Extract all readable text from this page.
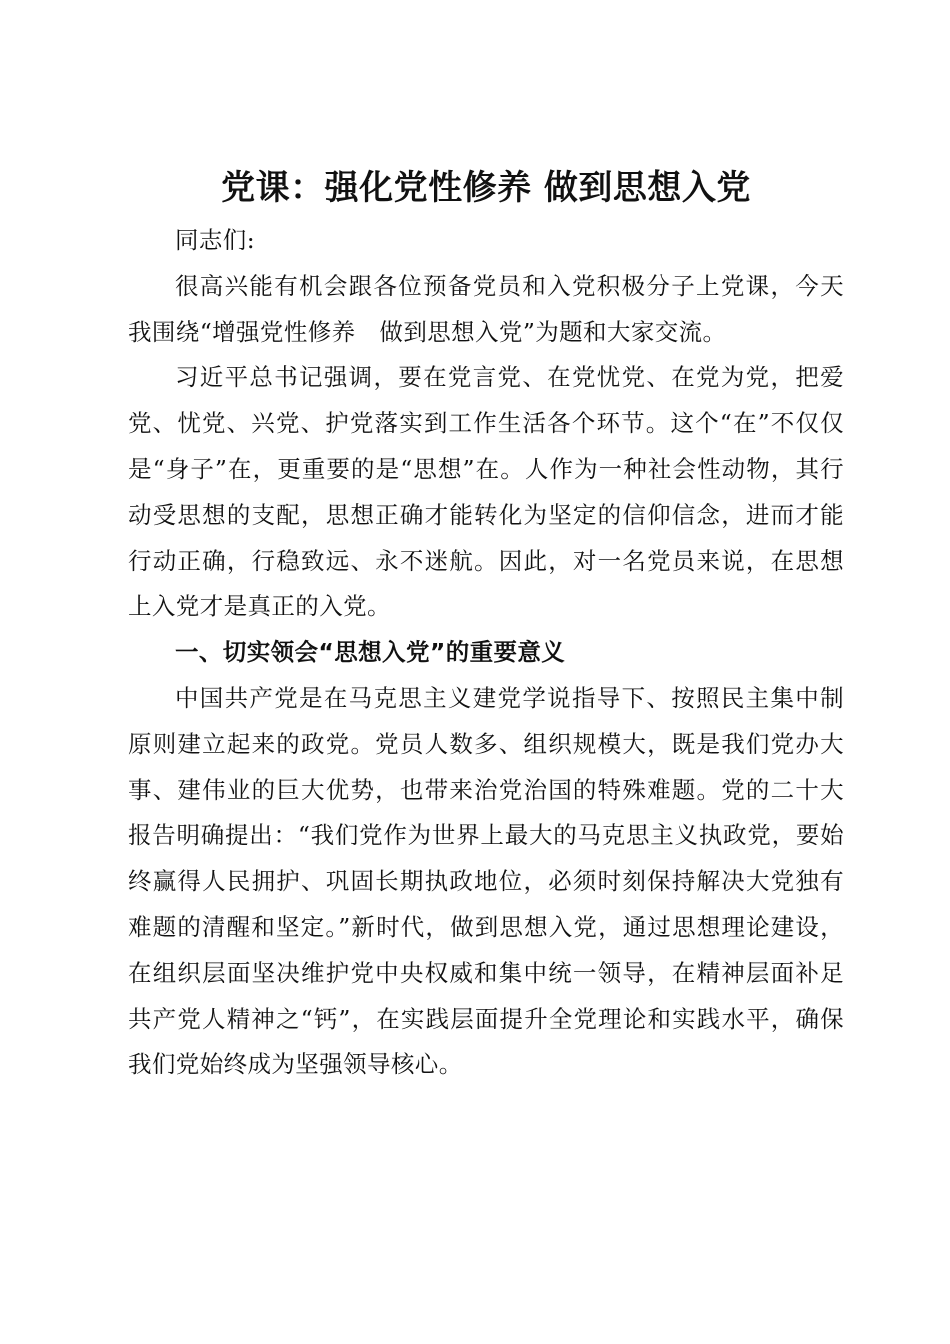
党课：强化党性修养 做到思想入党

同志们:

很高兴能有机会跟各位预备党员和入党积极分子上党课，今天我围绕“增强党性修养　做到思想入党”为题和大家交流。

习近平总书记强调，要在党言党、在党忧党、在党为党，把爱党、忧党、兴党、护党落实到工作生活各个环节。这个“在”不仅仅是“身子”在，更重要的是“思想”在。人作为一种社会性动物，其行动受思想的支配，思想正确才能转化为坚定的信仰信念，进而才能行动正确，行稳致远、永不迷航。因此，对一名党员来说，在思想上入党才是真正的入党。

一、切实领会“思想入党”的重要意义

中国共产党是在马克思主义建党学说指导下、按照民主集中制原则建立起来的政党。党员人数多、组织规模大，既是我们党办大事、建伟业的巨大优势，也带来治党治国的特殊难题。党的二十大报告明确提出：“我们党作为世界上最大的马克思主义执政党，要始终赢得人民拥护、巩固长期执政地位，必须时刻保持解决大党独有难题的清醒和坚定。”新时代，做到思想入党，通过思想理论建设，在组织层面坚决维护党中央权威和集中统一领导，在精神层面补足共产党人精神之“钙”，在实践层面提升全党理论和实践水平，确保我们党始终成为坚强领导核心。
